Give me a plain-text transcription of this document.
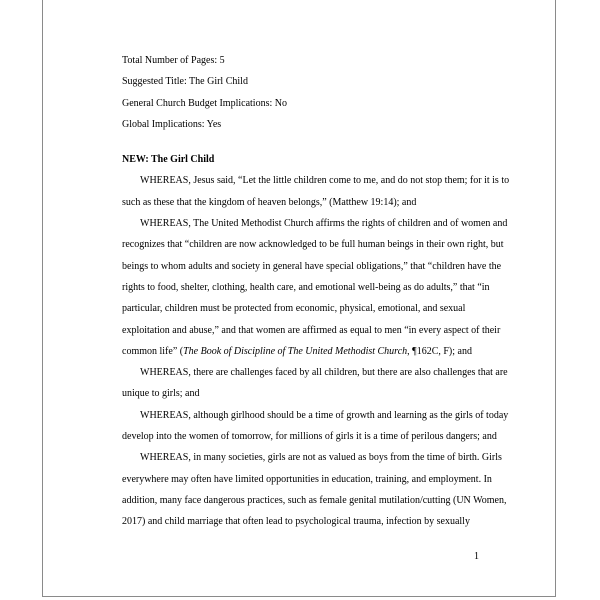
Total Number of Pages: 5
Suggested Title: The Girl Child
General Church Budget Implications: No
Global Implications: Yes
NEW: The Girl Child
WHEREAS, Jesus said, “Let the little children come to me, and do not stop them; for it is to
such as these that the kingdom of heaven belongs,” (Matthew 19:14); and
WHEREAS, The United Methodist Church affirms the rights of children and of women and
recognizes that “children are now acknowledged to be full human beings in their own right, but
beings to whom adults and society in general have special obligations,” that “children have the
rights to food, shelter, clothing, health care, and emotional well-being as do adults,” that “in
particular, children must be protected from economic, physical, emotional, and sexual
exploitation and abuse,” and that women are affirmed as equal to men “in every aspect of their
common life” (The Book of Discipline of The United Methodist Church, ¶162C, F); and
WHEREAS, there are challenges faced by all children, but there are also challenges that are
unique to girls; and
WHEREAS, although girlhood should be a time of growth and learning as the girls of today
develop into the women of tomorrow, for millions of girls it is a time of perilous dangers; and
WHEREAS, in many societies, girls are not as valued as boys from the time of birth. Girls
everywhere may often have limited opportunities in education, training, and employment. In
addition, many face dangerous practices, such as female genital mutilation/cutting (UN Women,
2017) and child marriage that often lead to psychological trauma, infection by sexually
1
